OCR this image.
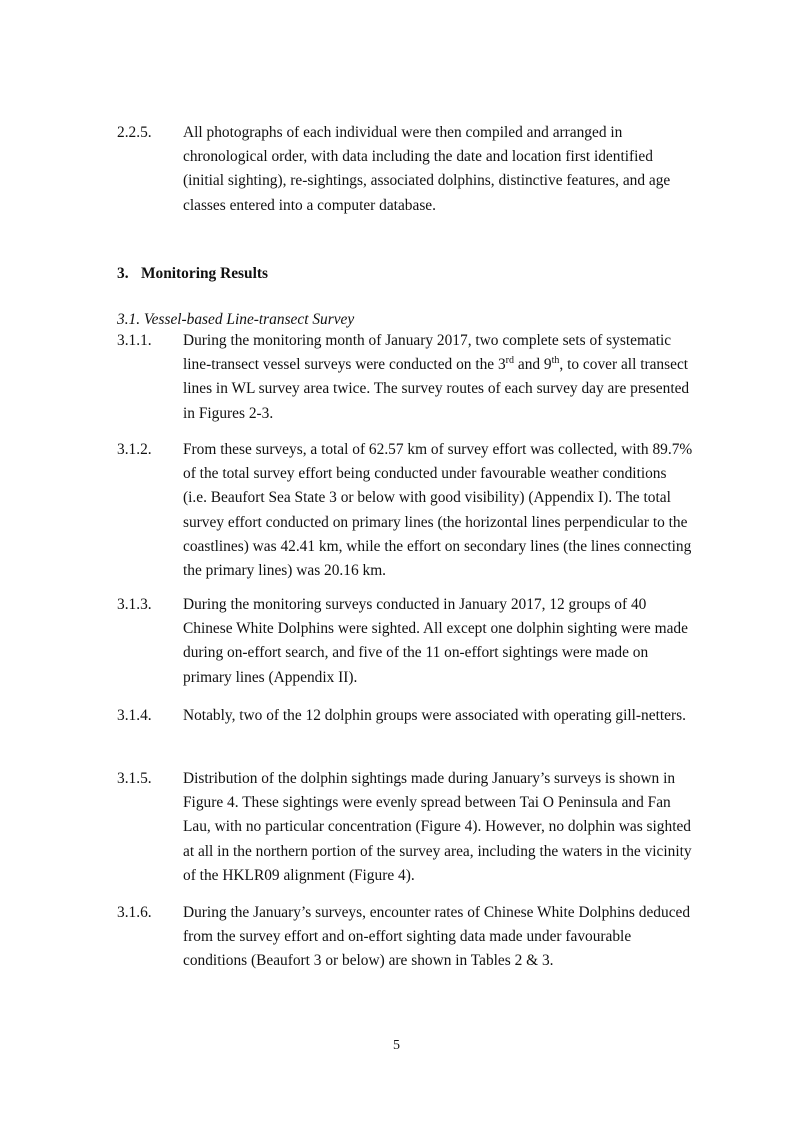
2.2.5.	All photographs of each individual were then compiled and arranged in chronological order, with data including the date and location first identified (initial sighting), re-sightings, associated dolphins, distinctive features, and age classes entered into a computer database.
3. Monitoring Results
3.1. Vessel-based Line-transect Survey
3.1.1.	During the monitoring month of January 2017, two complete sets of systematic line-transect vessel surveys were conducted on the 3rd and 9th, to cover all transect lines in WL survey area twice. The survey routes of each survey day are presented in Figures 2-3.
3.1.2.	From these surveys, a total of 62.57 km of survey effort was collected, with 89.7% of the total survey effort being conducted under favourable weather conditions (i.e. Beaufort Sea State 3 or below with good visibility) (Appendix I). The total survey effort conducted on primary lines (the horizontal lines perpendicular to the coastlines) was 42.41 km, while the effort on secondary lines (the lines connecting the primary lines) was 20.16 km.
3.1.3.	During the monitoring surveys conducted in January 2017, 12 groups of 40 Chinese White Dolphins were sighted. All except one dolphin sighting were made during on-effort search, and five of the 11 on-effort sightings were made on primary lines (Appendix II).
3.1.4.	Notably, two of the 12 dolphin groups were associated with operating gill-netters.
3.1.5.	Distribution of the dolphin sightings made during January’s surveys is shown in Figure 4. These sightings were evenly spread between Tai O Peninsula and Fan Lau, with no particular concentration (Figure 4). However, no dolphin was sighted at all in the northern portion of the survey area, including the waters in the vicinity of the HKLR09 alignment (Figure 4).
3.1.6.	During the January’s surveys, encounter rates of Chinese White Dolphins deduced from the survey effort and on-effort sighting data made under favourable conditions (Beaufort 3 or below) are shown in Tables 2 & 3.
5
